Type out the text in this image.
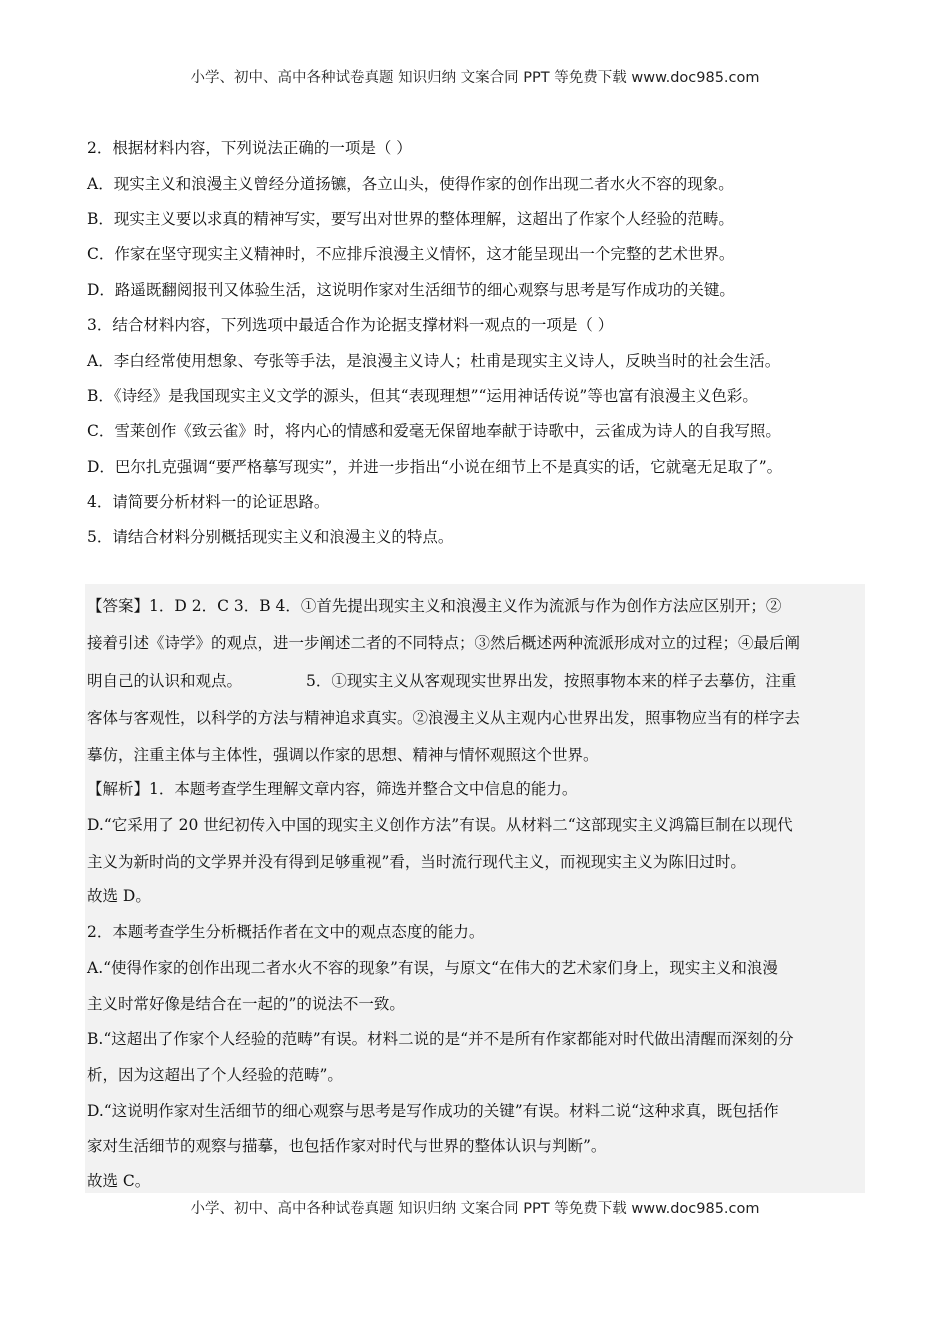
小学、初中、高中各种试卷真题 知识归纳 文案合同 PPT 等免费下载 www.doc985.com
2．根据材料内容，下列说法正确的一项是（ ）
A．现实主义和浪漫主义曾经分道扬镳，各立山头，使得作家的创作出现二者水火不容的现象。
B．现实主义要以求真的精神写实，要写出对世界的整体理解，这超出了作家个人经验的范畴。
C．作家在坚守现实主义精神时，不应排斥浪漫主义情怀，这才能呈现出一个完整的艺术世界。
D．路遥既翻阅报刊又体验生活，这说明作家对生活细节的细心观察与思考是写作成功的关键。
3．结合材料内容，下列选项中最适合作为论据支撑材料一观点的一项是（ ）
A．李白经常使用想象、夸张等手法，是浪漫主义诗人；杜甫是现实主义诗人，反映当时的社会生活。
B．《诗经》是我国现实主义文学的源头，但其“表现理想”“运用神话传说”等也富有浪漫主义色彩。
C．雪莱创作《致云雀》时，将内心的情感和爱毫无保留地奉献于诗歌中，云雀成为诗人的自我写照。
D．巴尔扎克强调“要严格摹写现实”，并进一步指出“小说在细节上不是真实的话，它就毫无足取了”。
4．请简要分析材料一的论证思路。
5．请结合材料分别概括现实主义和浪漫主义的特点。
【答案】1．D 2．C 3．B 4．①首先提出现实主义和浪漫主义作为流派与作为创作方法应区别开；②
接着引述《诗学》的观点，进一步阐述二者的不同特点；③然后概述两种流派形成对立的过程；④最后阐
明自己的认识和观点。	5．①现实主义从客观现实世界出发，按照事物本来的样子去摹仿，注重
客体与客观性，以科学的方法与精神追求真实。②浪漫主义从主观内心世界出发，照事物应当有的样字去
摹仿，注重主体与主体性，强调以作家的思想、精神与情怀观照这个世界。
【解析】1．本题考查学生理解文章内容，筛选并整合文中信息的能力。
D.“它采用了 20 世纪初传入中国的现实主义创作方法”有误。从材料二“这部现实主义鸿篇巨制在以现代
主义为新时尚的文学界并没有得到足够重视”看，当时流行现代主义，而视现实主义为陈旧过时。
故选 D。
2．本题考查学生分析概括作者在文中的观点态度的能力。
A.“使得作家的创作出现二者水火不容的现象”有误，与原文“在伟大的艺术家们身上，现实主义和浪漫
主义时常好像是结合在一起的”的说法不一致。
B.“这超出了作家个人经验的范畴”有误。材料二说的是“并不是所有作家都能对时代做出清醒而深刻的分
析，因为这超出了个人经验的范畴”。
D.“这说明作家对生活细节的细心观察与思考是写作成功的关键”有误。材料二说“这种求真，既包括作
家对生活细节的观察与描摹，也包括作家对时代与世界的整体认识与判断”。
故选 C。
小学、初中、高中各种试卷真题 知识归纳 文案合同 PPT 等免费下载 www.doc985.com
